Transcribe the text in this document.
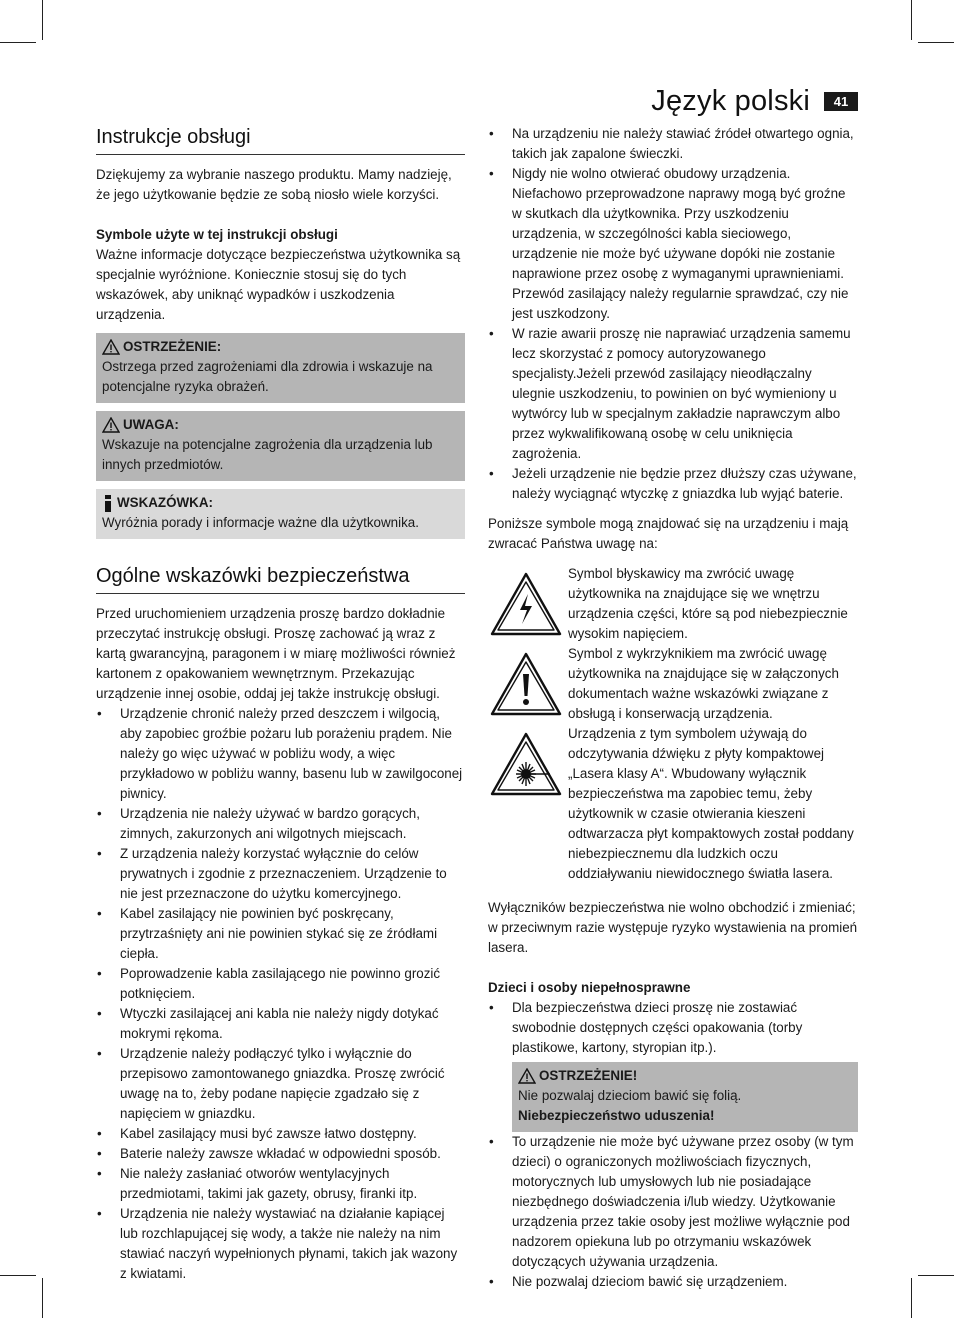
Język polski	41
Instrukcje obsługi

Dziękujemy za wybranie naszego produktu. Mamy nadzieję, że jego użytkowanie będzie ze sobą niosło wiele korzyści.

Symbole użyte w tej instrukcji obsługi

Ważne informacje dotyczące bezpieczeństwa użytkownika są specjalnie wyróżnione. Koniecznie stosuj się do tych wskazówek, aby uniknąć wypadków i uszkodzenia urządzenia.

OSTRZEŻENIE:

Ostrzega przed zagrożeniami dla zdrowia i wskazuje na potencjalne ryzyka obrażeń.

UWAGA:

Wskazuje na potencjalne zagrożenia dla urządzenia lub innych przedmiotów.

WSKAZÓWKA:

Wyróżnia porady i informacje ważne dla użytkownika.

Ogólne wskazówki bezpieczeństwa

Przed uruchomieniem urządzenia proszę bardzo dokładnie przeczytać instrukcję obsługi. Proszę zachować ją wraz z kartą gwarancyjną, paragonem i w miarę możliwości również kartonem z opakowaniem wewnętrznym. Przekazując urządzenie innej osobie, oddaj jej także instrukcję obsługi.

• Urządzenie chronić należy przed deszczem i wilgocią, aby zapobiec groźbie pożaru lub porażeniu prądem. Nie należy go więc używać w pobliżu wody, a więc przykładowo w pobliżu wanny, basenu lub w zawilgoconej piwnicy.
• Urządzenia nie należy używać w bardzo gorących, zimnych, zakurzonych ani wilgotnych miejscach.
• Z urządzenia należy korzystać wyłącznie do celów prywatnych i zgodnie z przeznaczeniem. Urządzenie to nie jest przeznaczone do użytku komercyjnego.
• Kabel zasilający nie powinien być poskręcany, przytrzaśnięty ani nie powinien stykać się ze źródłami ciepła.
• Poprowadzenie kabla zasilającego nie powinno grozić potknięciem.
• Wtyczki zasilającej ani kabla nie należy nigdy dotykać mokrymi rękoma.
• Urządzenie należy podłączyć tylko i wyłącznie do przepisowo zamontowanego gniazdka. Proszę zwrócić uwagę na to, żeby podane napięcie zgadzało się z napięciem w gniazdku.
• Kabel zasilający musi być zawsze łatwo dostępny.
• Baterie należy zawsze wkładać w odpowiedni sposób.
• Nie należy zasłaniać otworów wentylacyjnych przedmiotami, takimi jak gazety, obrusy, firanki itp.
• Urządzenia nie należy wystawiać na działanie kapiącej lub rozchlapującej się wody, a także nie należy na nim stawiać naczyń wypełnionych płynami, takich jak wazony z kwiatami.
• Na urządzeniu nie należy stawiać źródeł otwartego ognia, takich jak zapalone świeczki.
• Nigdy nie wolno otwierać obudowy urządzenia. Niefachowo przeprowadzone naprawy mogą być groźne w skutkach dla użytkownika. Przy uszkodzeniu urządzenia, w szczególności kabla sieciowego, urządzenie nie może być używane dopóki nie zostanie naprawione przez osobę z wymaganymi uprawnieniami. Przewód zasilający należy regularnie sprawdzać, czy nie jest uszkodzony.
• W razie awarii proszę nie naprawiać urządzenia samemu lecz skorzystać z pomocy autoryzowanego specjalisty.Jeżeli przewód zasilający nieodłączalny ulegnie uszkodzeniu, to powinien on być wymieniony u wytwórcy lub w specjalnym zakładzie naprawczym albo przez wykwalifikowaną osobę w celu uniknięcia zagrożenia.
• Jeżeli urządzenie nie będzie przez dłuższy czas używane, należy wyciągnąć wtyczkę z gniazdka lub wyjąć baterie.

Poniższe symbole mogą znajdować się na urządzeniu i mają zwracać Państwa uwagę na:

Symbol błyskawicy ma zwrócić uwagę użytkownika na znajdujące się we wnętrzu urządzenia części, które są pod niebezpiecznie wysokim napięciem.

Symbol z wykrzyknikiem ma zwrócić uwagę użytkownika na znajdujące się w załączonych dokumentach ważne wskazówki związane z obsługą i konserwacją urządzenia.

Urządzenia z tym symbolem używają do odczytywania dźwięku z płyty kompaktowej „Lasera klasy A“. Wbudowany wyłącznik bezpieczeństwa ma zapobiec temu, żeby użytkownik w czasie otwierania kieszeni odtwarzacza płyt kompaktowych został poddany niebezpiecznemu dla ludzkich oczu oddziaływaniu niewidocznego światła lasera.

Wyłączników bezpieczeństwa nie wolno obchodzić i zmieniać; w przeciwnym razie występuje ryzyko wystawienia na promień lasera.

Dzieci i osoby niepełnosprawne
• Dla bezpieczeństwa dzieci proszę nie zostawiać swobodnie dostępnych części opakowania (torby plastikowe, kartony, styropian itp.).
OSTRZEŻENIE!

Nie pozwalaj dzieciom bawić się folią. Niebezpieczeństwo uduszenia!

• To urządzenie nie może być używane przez osoby (w tym dzieci) o ograniczonych możliwościach fizycznych, motorycznych lub umysłowych lub nie posiadające niezbędnego doświadczenia i/lub wiedzy. Użytkowanie urządzenia przez takie osoby jest możliwe wyłącznie pod nadzorem opiekuna lub po otrzymaniu wskazówek dotyczących używania urządzenia.
• Nie pozwalaj dzieciom bawić się urządzeniem.
